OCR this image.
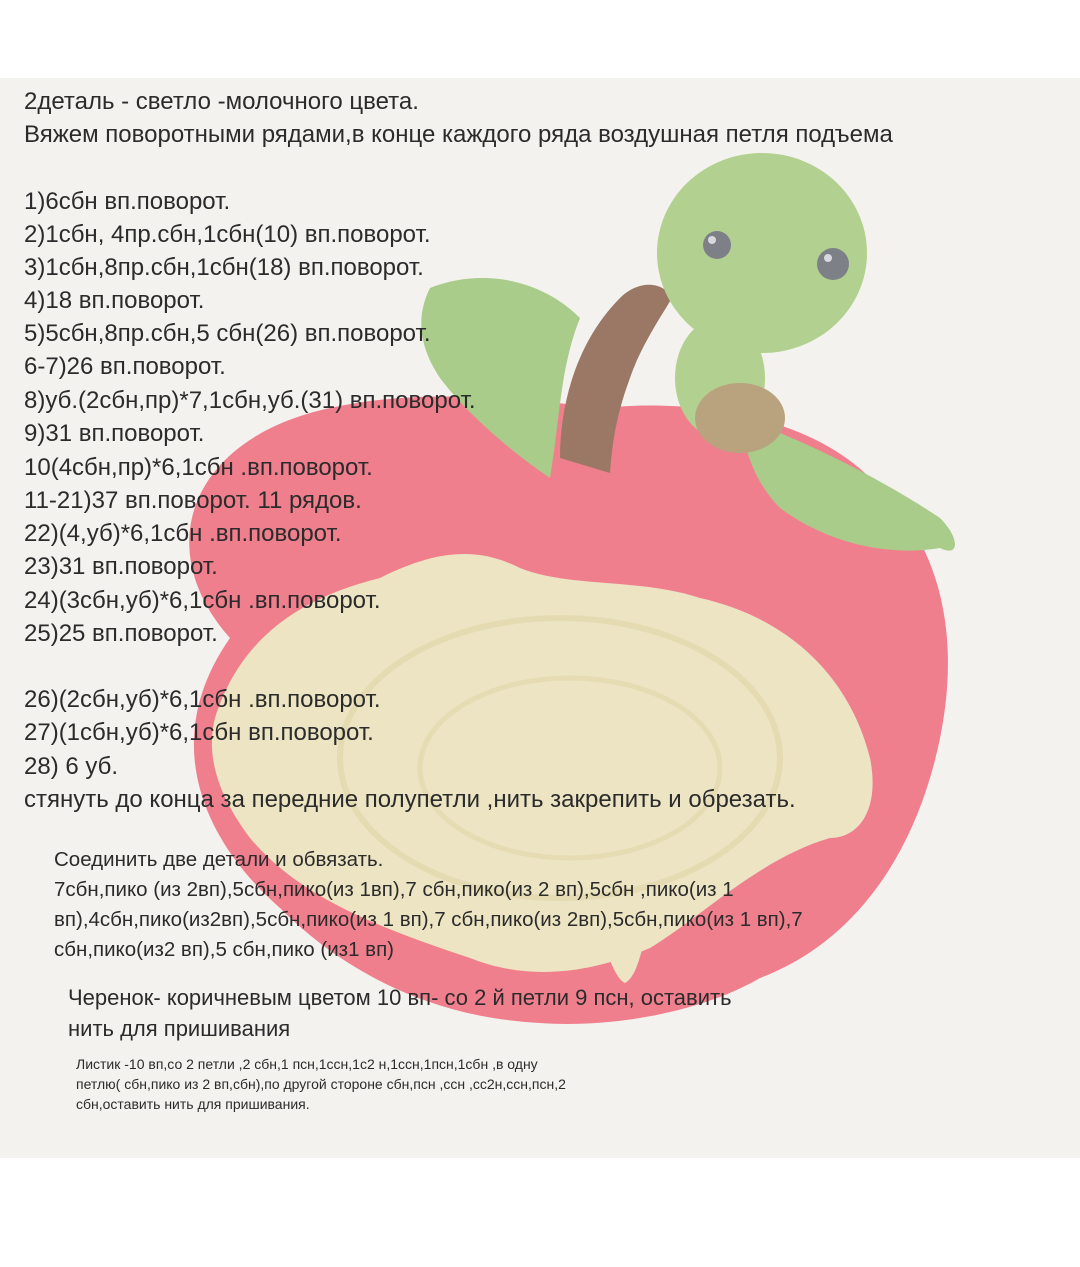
2деталь - светло -молочного цвета.
Вяжем поворотными рядами,в конце каждого ряда воздушная петля подъема
1)6сбн вп.поворот.
2)1сбн, 4пр.сбн,1сбн(10) вп.поворот.
3)1сбн,8пр.сбн,1сбн(18) вп.поворот.
4)18 вп.поворот.
5)5сбн,8пр.сбн,5 сбн(26) вп.поворот.
6-7)26 вп.поворот.
8)уб.(2сбн,пр)*7,1сбн,уб.(31) вп.поворот.
9)31 вп.поворот.
10(4сбн,пр)*6,1сбн .вп.поворот.
11-21)37 вп.поворот. 11 рядов.
22)(4,уб)*6,1сбн .вп.поворот.
23)31 вп.поворот.
24)(3сбн,уб)*6,1сбн .вп.поворот.
25)25 вп.поворот.
26)(2сбн,уб)*6,1сбн .вп.поворот.
27)(1сбн,уб)*6,1сбн вп.поворот.
28) 6 уб.
стянуть до конца за передние полупетли ,нить закрепить и обрезать.
Соединить две детали и обвязать.
7сбн,пико (из 2вп),5сбн,пико(из 1вп),7 сбн,пико(из 2 вп),5сбн ,пико(из 1
вп),4сбн,пико(из2вп),5сбн,пико(из 1 вп),7 сбн,пико(из 2вп),5сбн,пико(из 1 вп),7
сбн,пико(из2 вп),5 сбн,пико (из1 вп)
Черенок- коричневым цветом 10 вп- со 2 й петли 9 псн, оставить
нить для пришивания
Листик -10 вп,со 2 петли ,2 сбн,1 псн,1ссн,1с2 н,1ссн,1псн,1сбн ,в одну
петлю( сбн,пико из 2 вп,сбн),по другой стороне сбн,псн ,ссн ,сс2н,ссн,псн,2
сбн,оставить нить для пришивания.
